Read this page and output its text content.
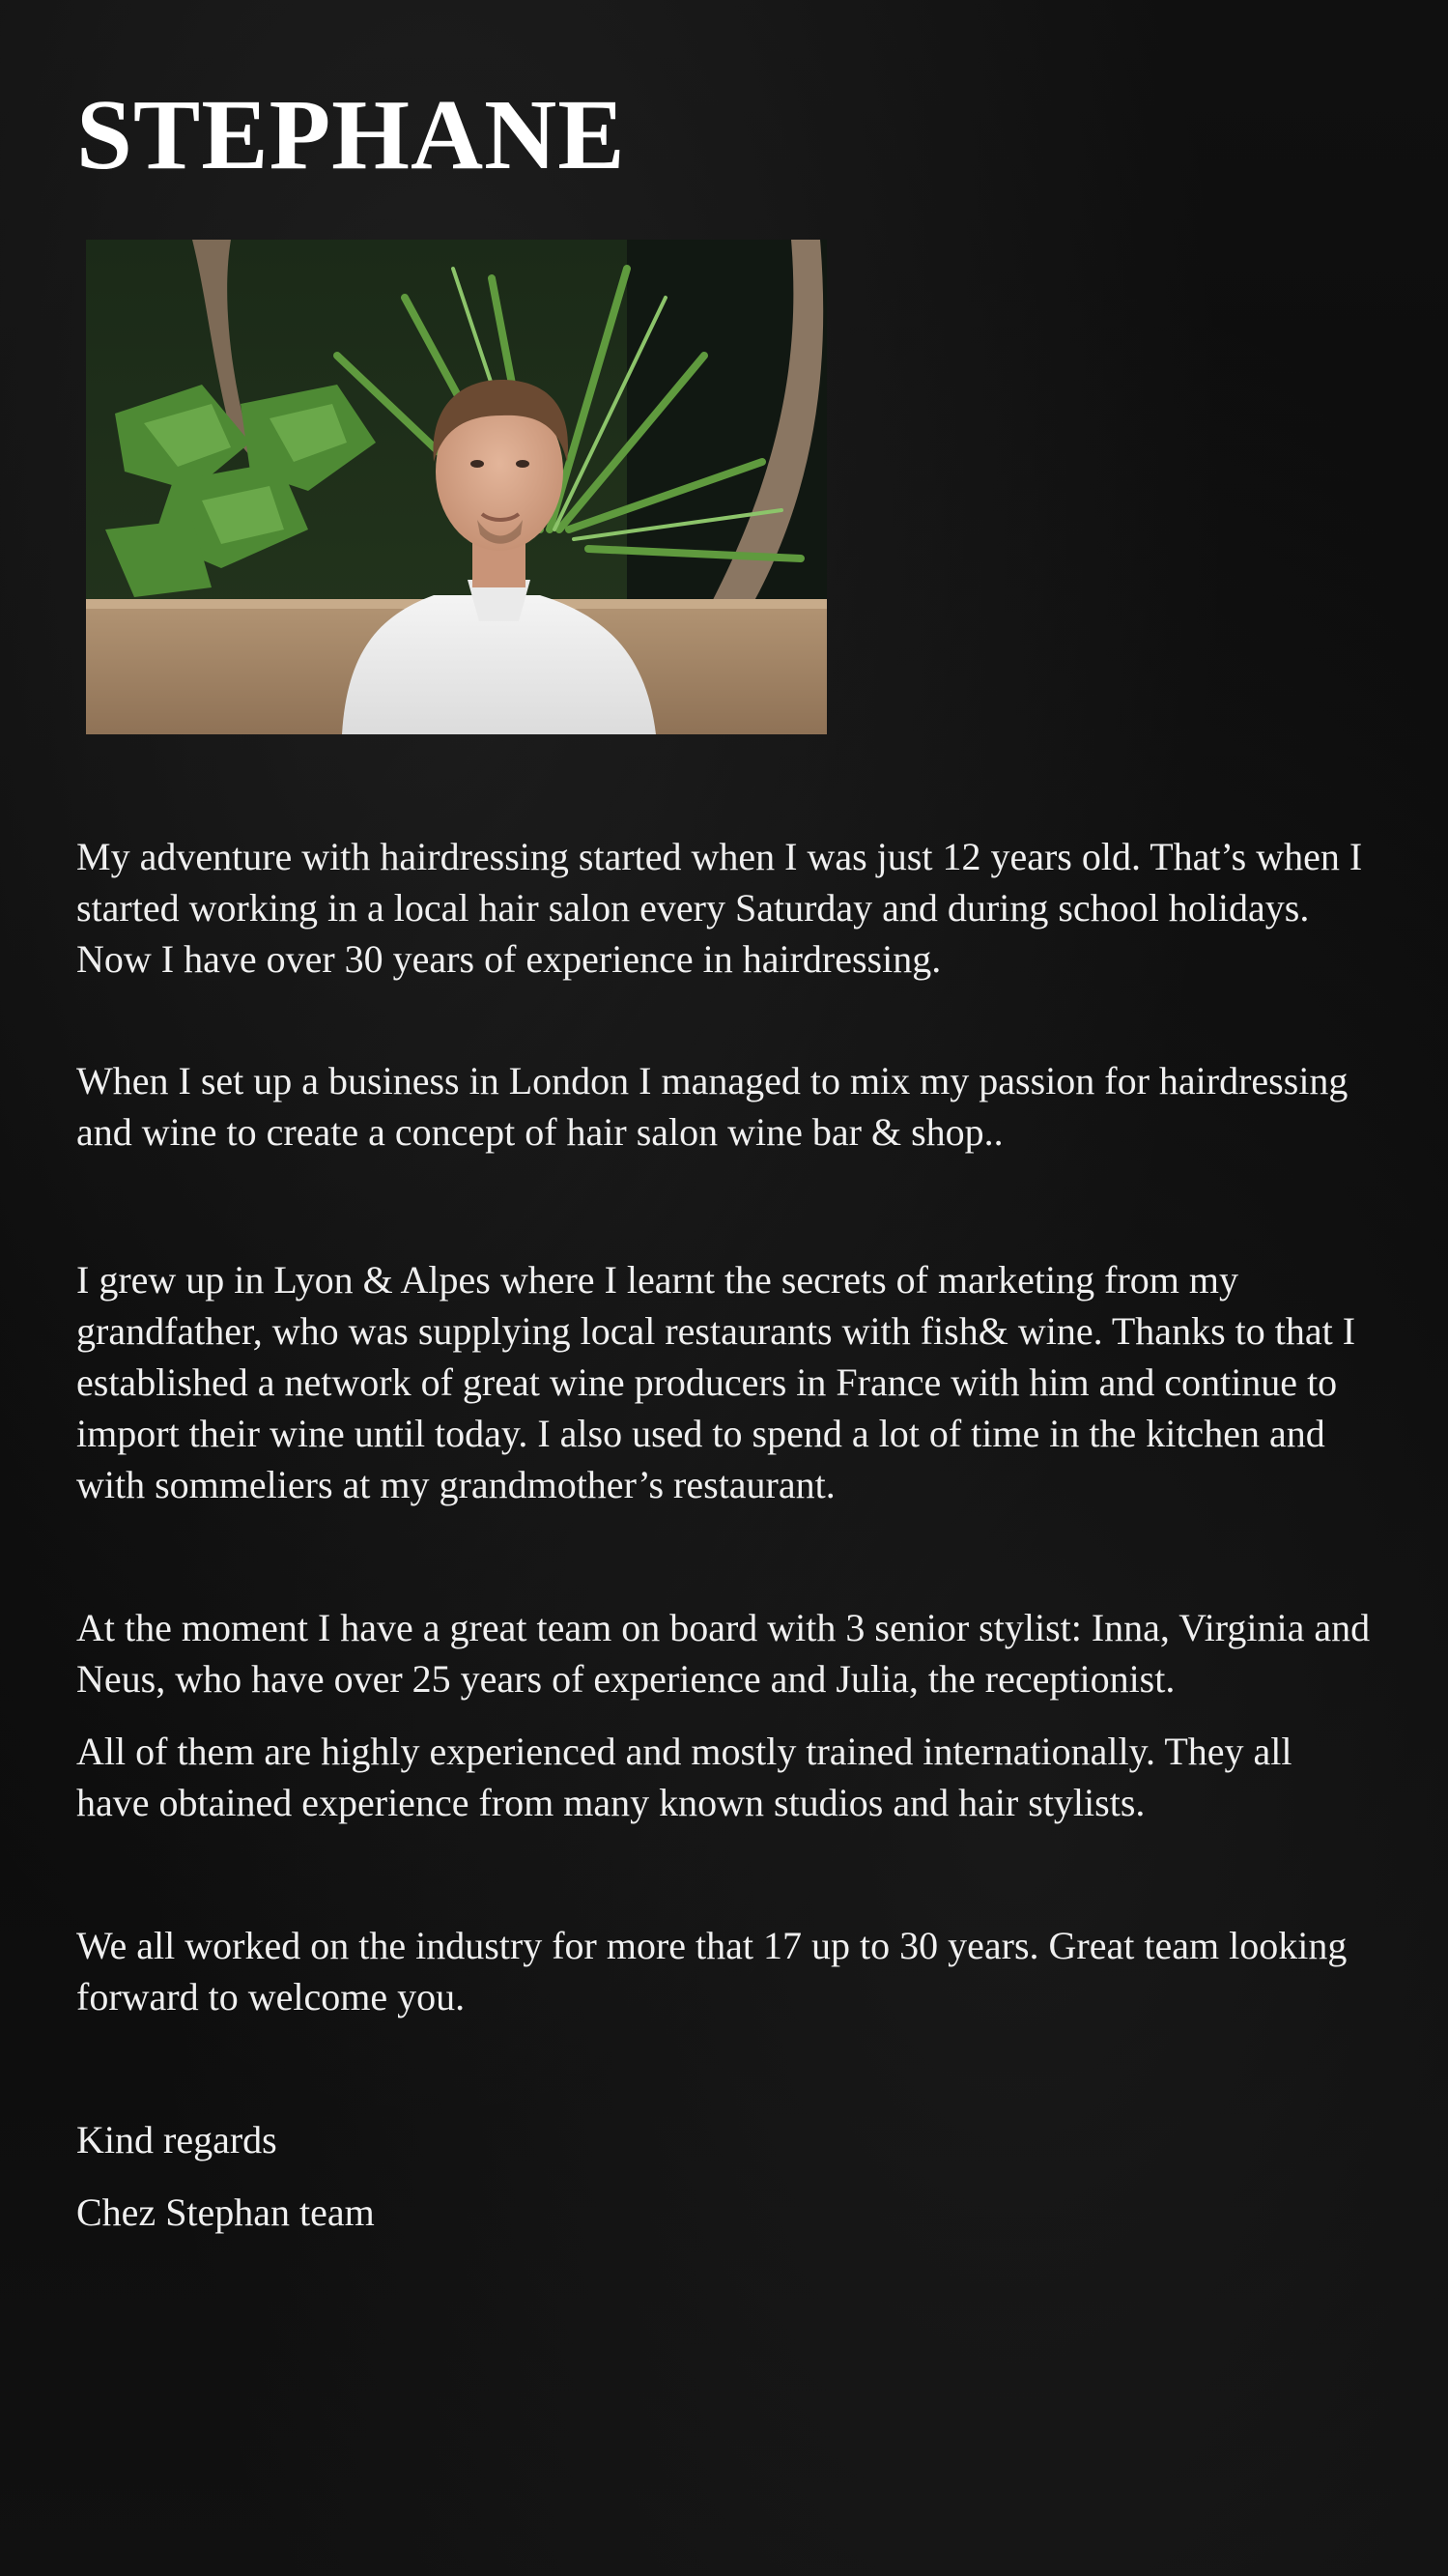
STEPHANE

My adventure with hairdressing started when I was just 12 years old. That’s when I started working in a local hair salon every Saturday and during school holidays. Now I have over 30 years of experience in hairdressing.

When I set up a business in London I managed to mix my passion for hairdressing and wine to create a concept of hair salon wine bar & shop..

I grew up in Lyon & Alpes where I learnt the secrets of marketing from my grandfather, who was supplying local restaurants with fish& wine. Thanks to that I established a network of great wine producers in France with him and continue to import their wine until today. I also used to spend a lot of time in the kitchen and with sommeliers at my grandmother’s restaurant.

At the moment I have a great team on board with 3 senior stylist: Inna, Virginia and Neus, who have over 25 years of experience and Julia, the receptionist.

All of them are highly experienced and mostly trained internationally. They all have obtained experience from many known studios and hair stylists.

We all worked on the industry for more that 17 up to 30 years. Great team looking forward to welcome you.

Kind regards

Chez Stephan team
